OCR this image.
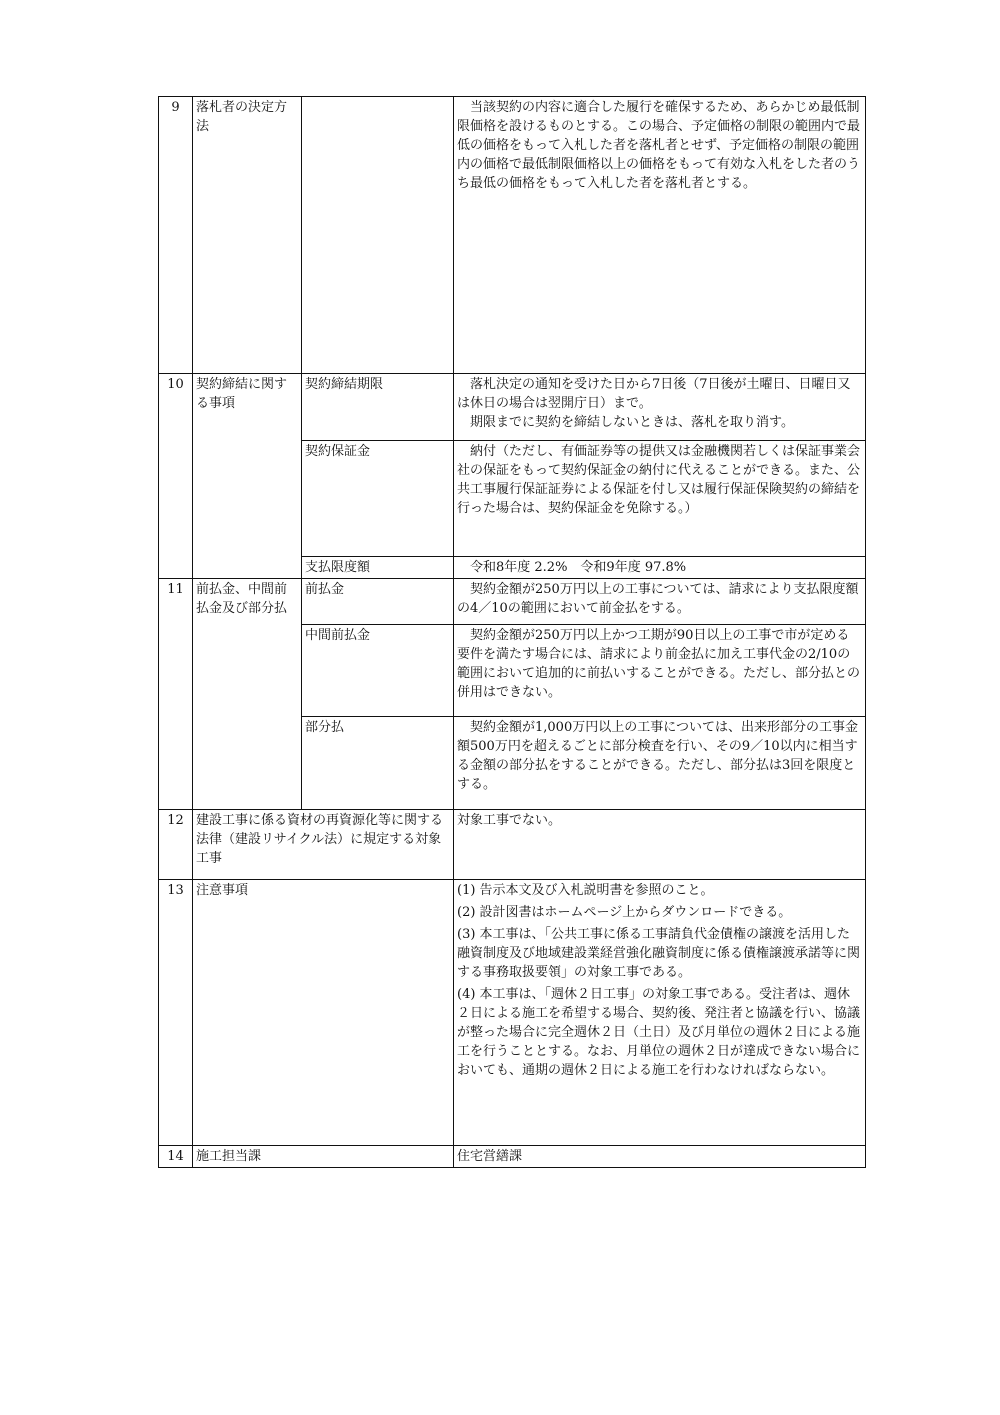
9	落札者の決定方法		当該契約の内容に適合した履行を確保するため、あらかじめ最低制限価格を設けるものとする。この場合、予定価格の制限の範囲内で最低の価格をもって入札した者を落札者とせず、予定価格の制限の範囲内の価格で最低制限価格以上の価格をもって有効な入札をした者のうち最低の価格をもって入札した者を落札者とする。

10	契約締結に関する事項	契約締結期限	落札決定の通知を受けた日から7日後（7日後が土曜日、日曜日又は休日の場合は翌開庁日）まで。

期限までに契約を締結しないときは、落札を取り消す。

		契約保証金	納付（ただし、有価証券等の提供又は金融機関若しくは保証事業会社の保証をもって契約保証金の納付に代えることができる。また、公共工事履行保証証券による保証を付し又は履行保証保険契約の締結を行った場合は、契約保証金を免除する。）

		支払限度額	令和8年度 2.2%　令和9年度 97.8%

11	前払金、中間前払金及び部分払	前払金	契約金額が250万円以上の工事については、請求により支払限度額の4／10の範囲において前金払をする。

		中間前払金	契約金額が250万円以上かつ工期が90日以上の工事で市が定める要件を満たす場合には、請求により前金払に加え工事代金の2/10の範囲において追加的に前払いすることができる。ただし、部分払との併用はできない。

		部分払	契約金額が1,000万円以上の工事については、出来形部分の工事金額500万円を超えるごとに部分検査を行い、その9／10以内に相当する金額の部分払をすることができる。ただし、部分払は3回を限度とする。

12	建設工事に係る資材の再資源化等に関する法律（建設リサイクル法）に規定する対象工事		対象工事でない。

13	注意事項		(1) 告示本文及び入札説明書を参照のこと。

(2) 設計図書はホームページ上からダウンロードできる。

(3) 本工事は、「公共工事に係る工事請負代金債権の譲渡を活用した融資制度及び地域建設業経営強化融資制度に係る債権譲渡承諾等に関する事務取扱要領」の対象工事である。

(4) 本工事は、「週休２日工事」の対象工事である。受注者は、週休２日による施工を希望する場合、契約後、発注者と協議を行い、協議が整った場合に完全週休２日（土日）及び月単位の週休２日による施工を行うこととする。なお、月単位の週休２日が達成できない場合においても、通期の週休２日による施工を行わなければならない。

14	施工担当課		住宅営繕課
